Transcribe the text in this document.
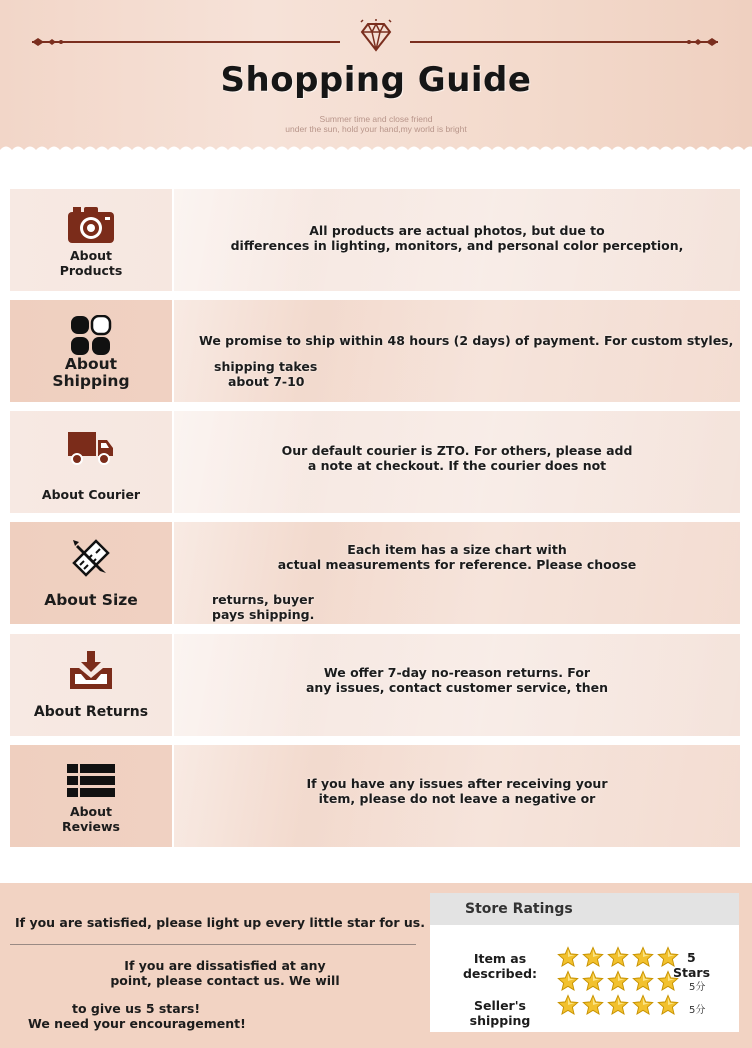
Shopping Guide
Summer time and close friend
under the sun, hold your hand,my world is bright
About
Products
All products are actual photos, but due to
differences in lighting, monitors, and personal color perception,
About
Shipping
We promise to ship within 48 hours (2 days) of payment. For custom styles,
shipping takes
about 7-10
About Courier
Our default courier is ZTO. For others, please add
a note at checkout. If the courier does not
About Size
Each item has a size chart with
actual measurements for reference. Please choose
returns, buyer
pays shipping.
About Returns
We offer 7-day no-reason returns. For
any issues, contact customer service, then
About
Reviews
If you have any issues after receiving your
item, please do not leave a negative or
If you are satisfied, please light up every little star for us.
If you are dissatisfied at any
point, please contact us. We will
to give us 5 stars!
We need your encouragement!
Store Ratings
Item as
described:
5
Stars
5分
Seller's
shipping
5分
